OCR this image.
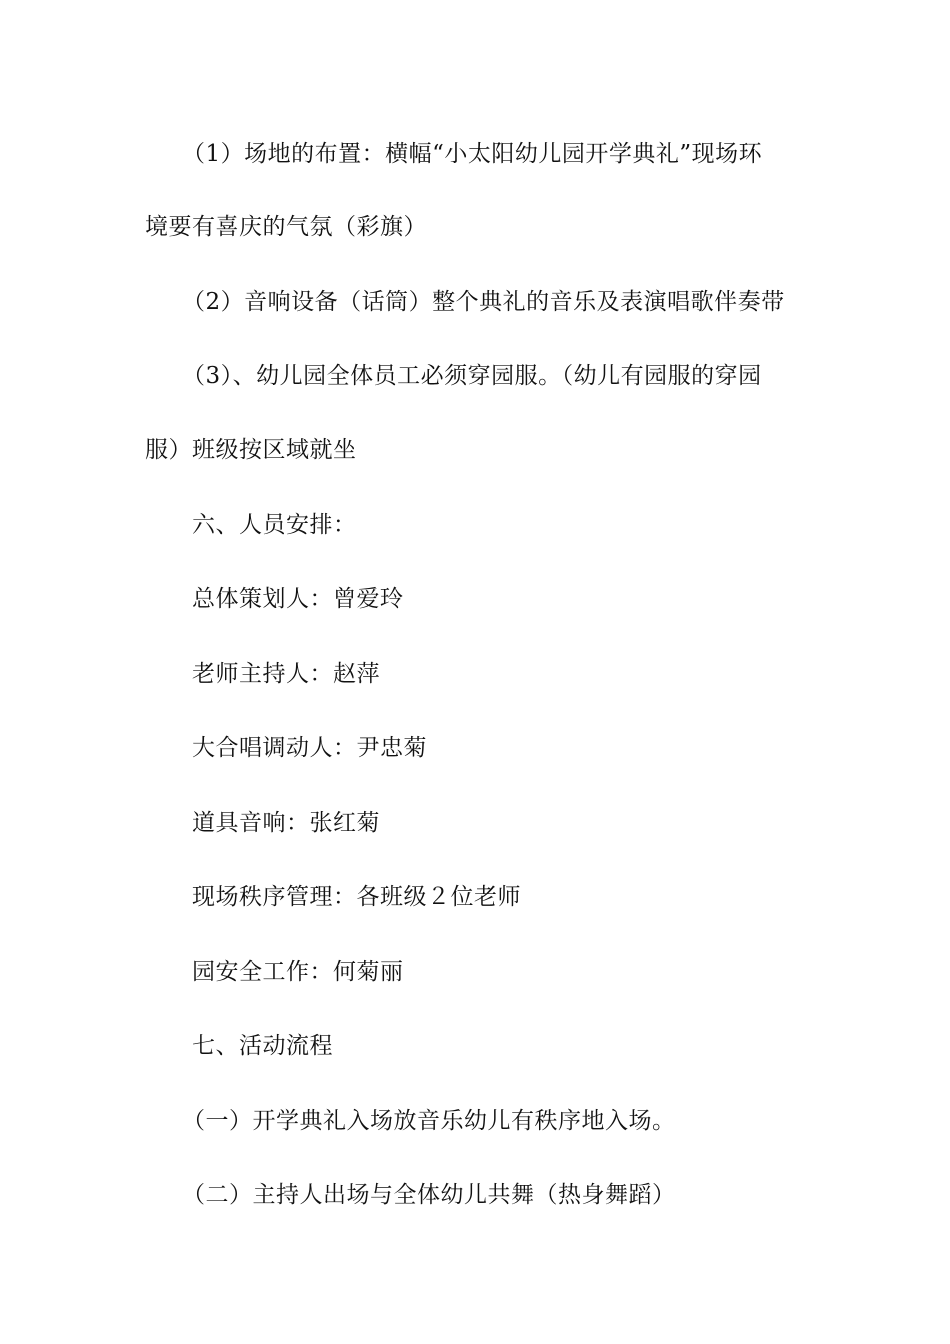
（1）场地的布置：横幅“小太阳幼儿园开学典礼”现场环
境要有喜庆的气氛（彩旗）
（2）音响设备（话筒）整个典礼的音乐及表演唱歌伴奏带
（3）、幼儿园全体员工必须穿园服。（幼儿有园服的穿园
服）班级按区域就坐
六、人员安排：
总体策划人：曾爱玲
老师主持人：赵萍
大合唱调动人：尹忠菊
道具音响：张红菊
现场秩序管理：各班级２位老师
园安全工作：何菊丽
七、活动流程
（一）开学典礼入场放音乐幼儿有秩序地入场。
（二）主持人出场与全体幼儿共舞（热身舞蹈）
